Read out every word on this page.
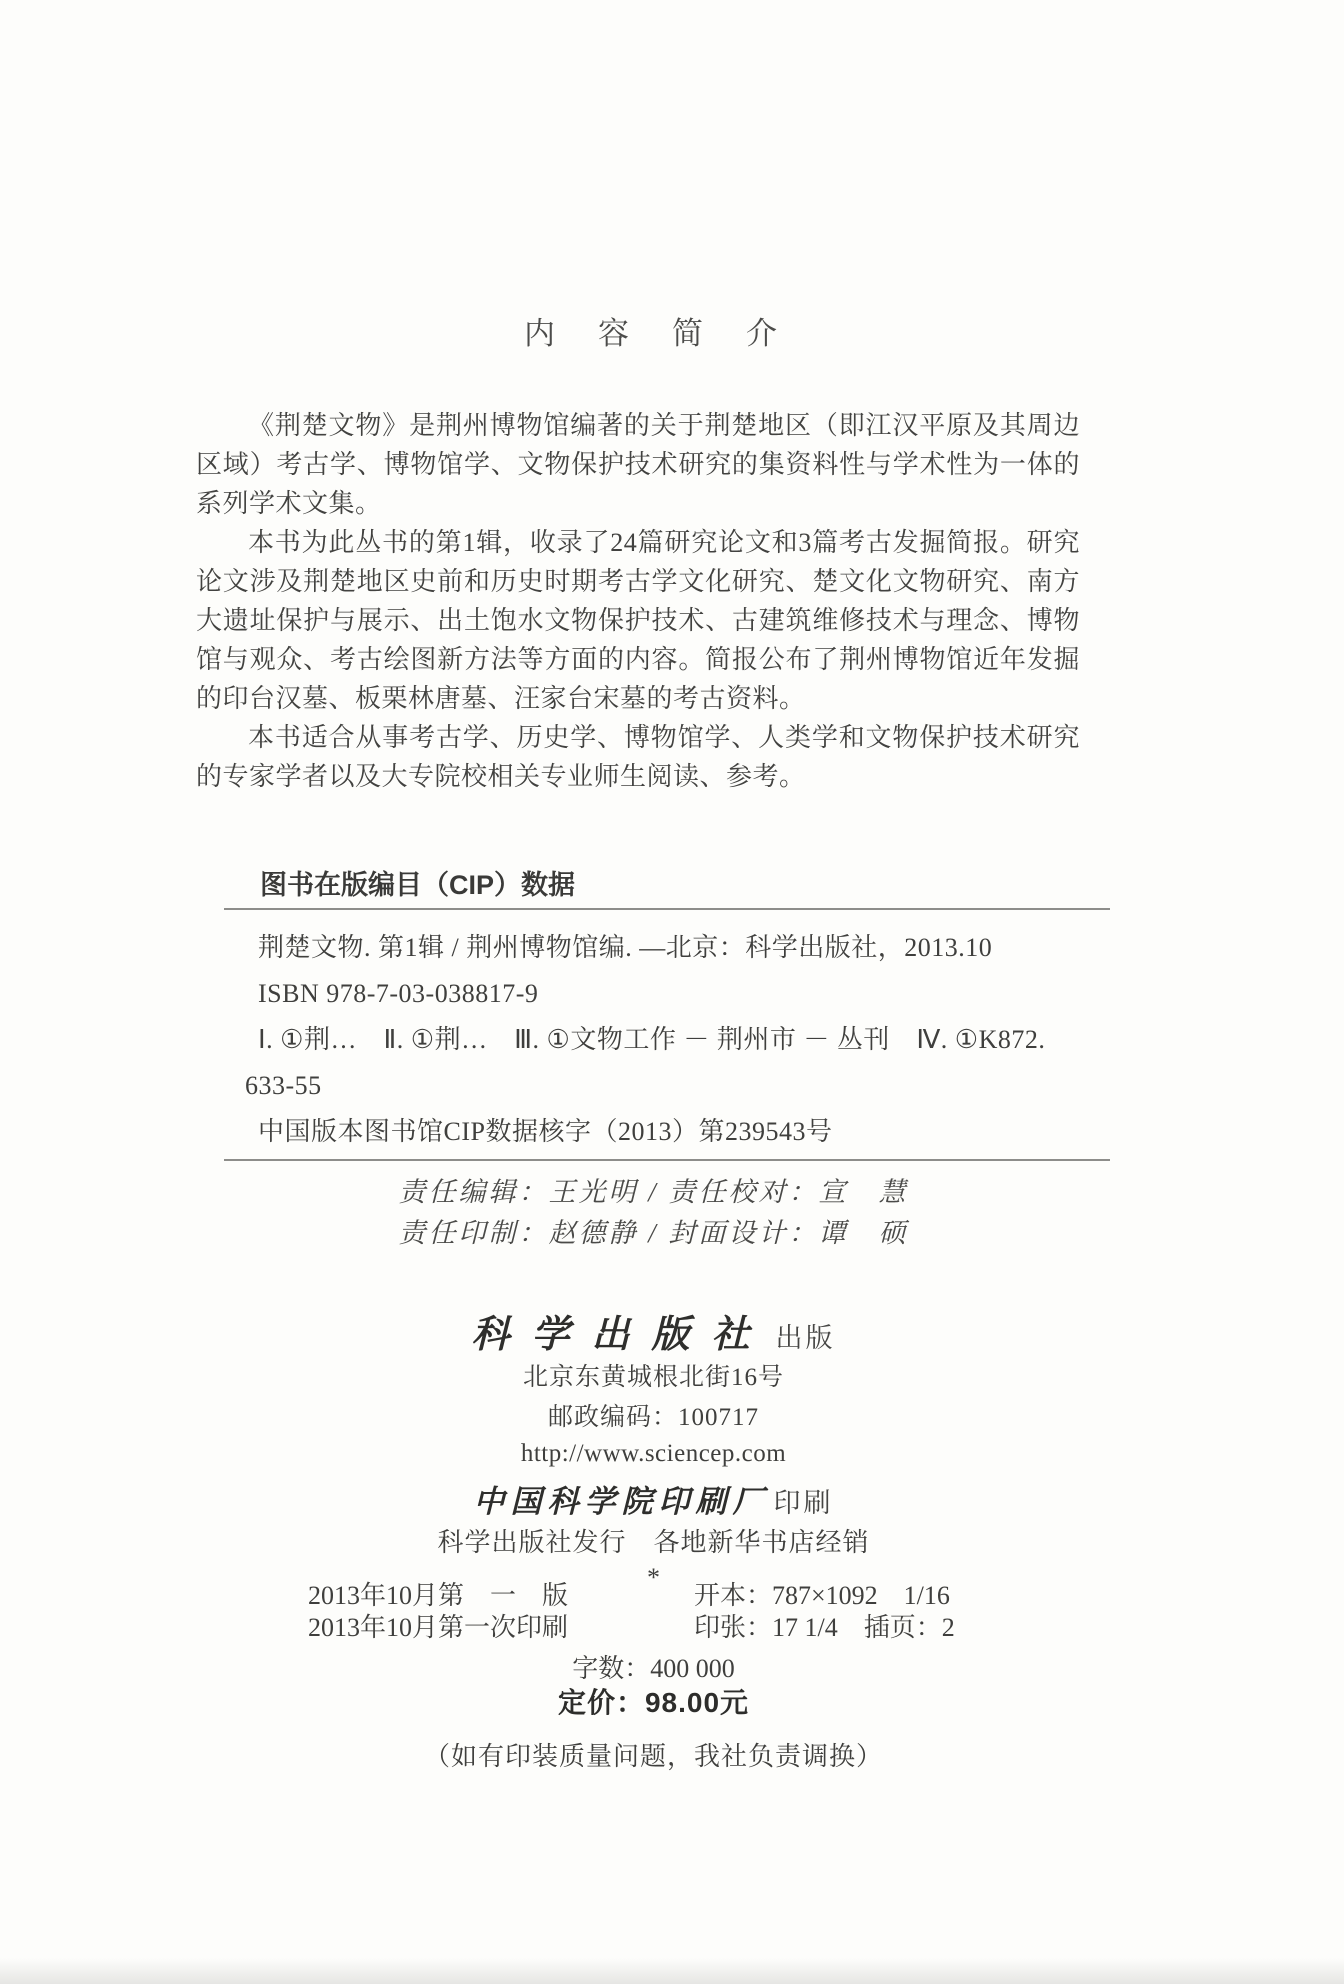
内　容　简　介

《荆楚文物》是荆州博物馆编著的关于荆楚地区（即江汉平原及其周边区域）考古学、博物馆学、文物保护技术研究的集资料性与学术性为一体的系列学术文集。

本书为此丛书的第1辑，收录了24篇研究论文和3篇考古发掘简报。研究论文涉及荆楚地区史前和历史时期考古学文化研究、楚文化文物研究、南方大遗址保护与展示、出土饱水文物保护技术、古建筑维修技术与理念、博物馆与观众、考古绘图新方法等方面的内容。简报公布了荆州博物馆近年发掘的印台汉墓、板栗林唐墓、汪家台宋墓的考古资料。

本书适合从事考古学、历史学、博物馆学、人类学和文物保护技术研究的专家学者以及大专院校相关专业师生阅读、参考。

图书在版编目（CIP）数据
荆楚文物. 第1辑 / 荆州博物馆编. —北京：科学出版社，2013.10
ISBN 978-7-03-038817-9
Ⅰ. ①荆…　Ⅱ. ①荆…　Ⅲ. ①文物工作 － 荆州市 － 丛刊　Ⅳ. ①K872.
633-55
中国版本图书馆CIP数据核字（2013）第239543号
责任编辑：王光明 / 责任校对：宣　慧
责任印制：赵德静 / 封面设计：谭　硕
科学出版社 出版
北京东黄城根北街16号
邮政编码：100717
http://www.sciencep.com
中国科学院印刷厂 印刷
科学出版社发行　各地新华书店经销
*
2013年10月第　一　版	开本：787×1092　1/16
2013年10月第一次印刷	印张：17 1/4　插页：2
字数：400 000
定价：98.00元
（如有印装质量问题，我社负责调换）
